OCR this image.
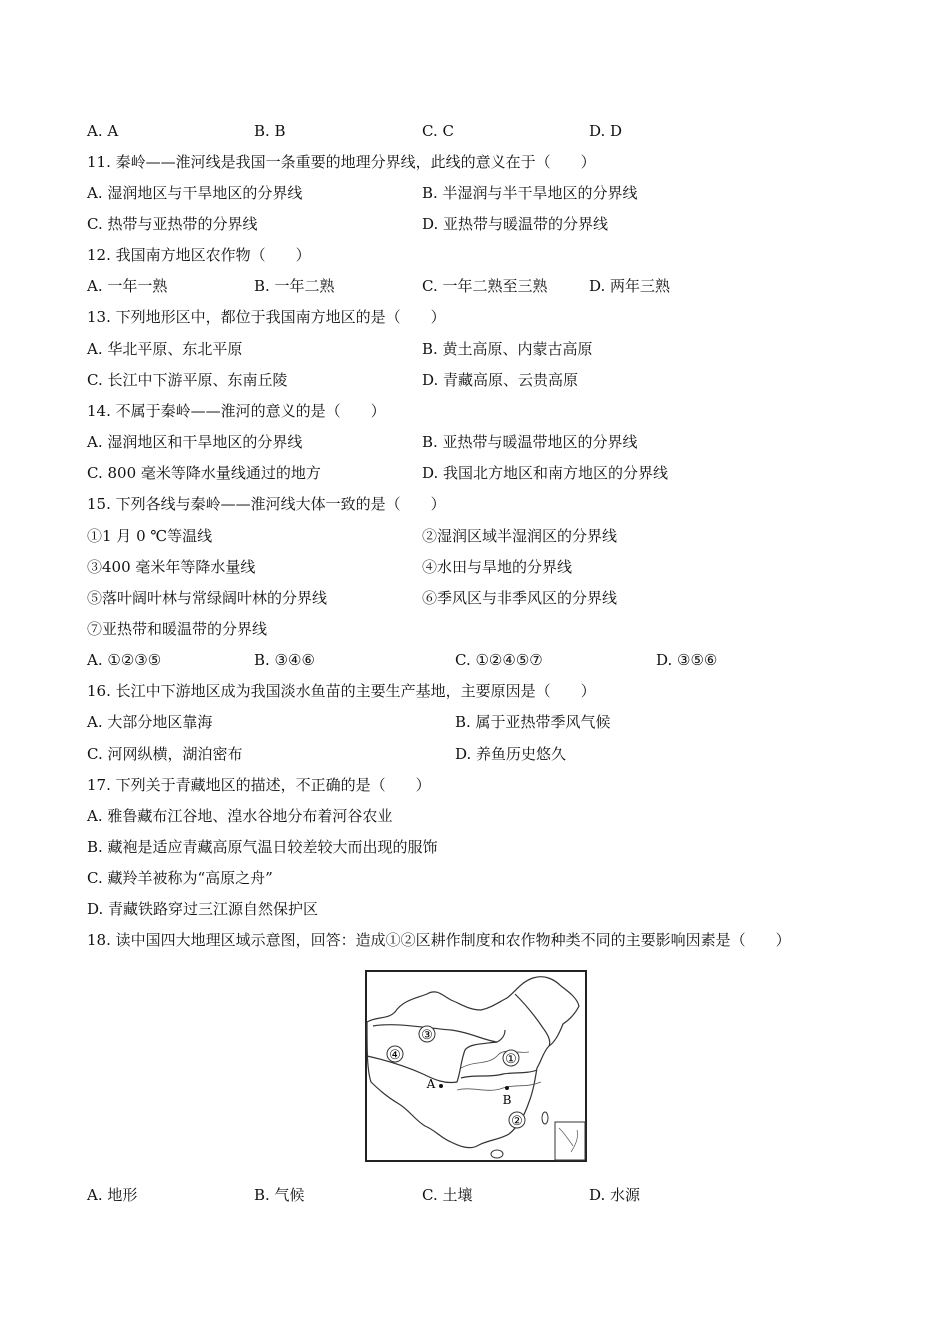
A. A	B. B	C. C	D. D
11. 秦岭——淮河线是我国一条重要的地理分界线，此线的意义在于（　　）
A. 湿润地区与干旱地区的分界线	B. 半湿润与半干旱地区的分界线
C. 热带与亚热带的分界线	D. 亚热带与暖温带的分界线
12. 我国南方地区农作物（　　）
A. 一年一熟	B. 一年二熟	C. 一年二熟至三熟	D. 两年三熟
13. 下列地形区中，都位于我国南方地区的是（　　）
A. 华北平原、东北平原	B. 黄土高原、内蒙古高原
C. 长江中下游平原、东南丘陵	D. 青藏高原、云贵高原
14. 不属于秦岭——淮河的意义的是（　　）
A. 湿润地区和干旱地区的分界线	B. 亚热带与暖温带地区的分界线
C. 800 毫米等降水量线通过的地方	D. 我国北方地区和南方地区的分界线
15. 下列各线与秦岭——淮河线大体一致的是（　　）
①1 月 0 ℃等温线	②湿润区域半湿润区的分界线
③400 毫米年等降水量线	④水田与旱地的分界线
⑤落叶阔叶林与常绿阔叶林的分界线	⑥季风区与非季风区的分界线
⑦亚热带和暖温带的分界线
A. ①②③⑤	B. ③④⑥	C. ①②④⑤⑦	D. ③⑤⑥
16. 长江中下游地区成为我国淡水鱼苗的主要生产基地，主要原因是（　　）
A. 大部分地区靠海	B. 属于亚热带季风气候
C. 河网纵横，湖泊密布	D. 养鱼历史悠久
17. 下列关于青藏地区的描述，不正确的是（　　）
A. 雅鲁藏布江谷地、湟水谷地分布着河谷农业
B. 藏袍是适应青藏高原气温日较差较大而出现的服饰
C. 藏羚羊被称为“高原之舟”
D. 青藏铁路穿过三江源自然保护区
18. 读中国四大地理区域示意图，回答：造成①②区耕作制度和农作物种类不同的主要影响因素是（　　）
③
④	①
②
A
B
A. 地形	B. 气候	C. 土壤	D. 水源
